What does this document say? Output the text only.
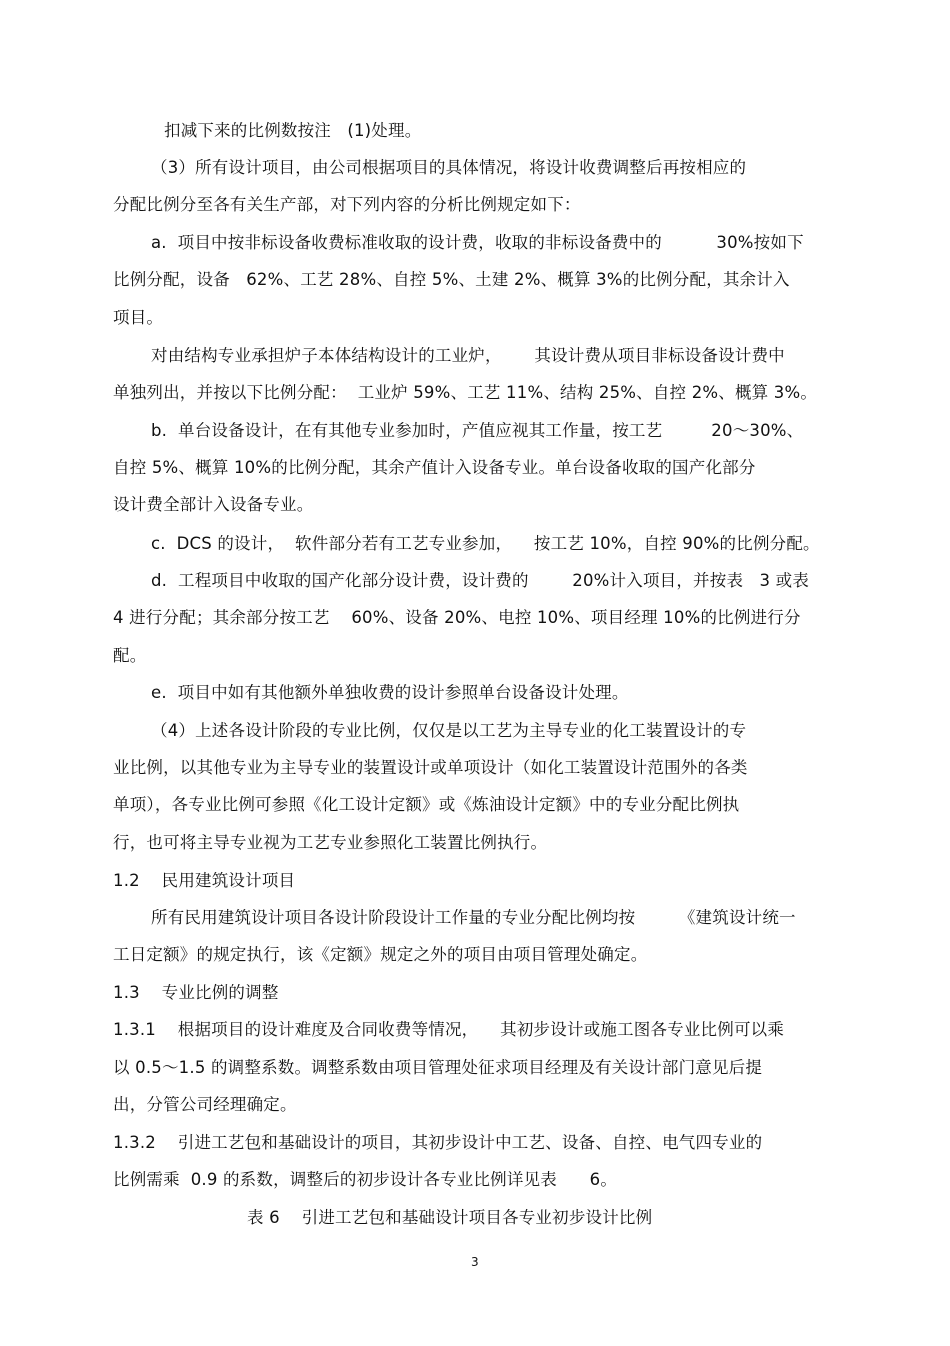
扣减下来的比例数按注   (1)处理。
（3）所有设计项目，由公司根据项目的具体情况，将设计收费调整后再按相应的
分配比例分至各有关生产部，对下列内容的分析比例规定如下：
a.  项目中按非标设备收费标准收取的设计费，收取的非标设备费中的          30%按如下
比例分配，设备   62%、工艺 28%、自控 5%、土建 2%、概算 3%的比例分配，其余计入
项目。
对由结构专业承担炉子本体结构设计的工业炉，      其设计费从项目非标设备设计费中
单独列出，并按以下比例分配：  工业炉 59%、工艺 11%、结构 25%、自控 2%、概算 3%。
b.  单台设备设计，在有其他专业参加时，产值应视其工作量，按工艺         20～30%、
自控 5%、概算 10%的比例分配，其余产值计入设备专业。单台设备收取的国产化部分
设计费全部计入设备专业。
c.  DCS 的设计，  软件部分若有工艺专业参加，    按工艺 10%，自控 90%的比例分配。
d.  工程项目中收取的国产化部分设计费，设计费的        20%计入项目，并按表   3 或表
4 进行分配；其余部分按工艺    60%、设备 20%、电控 10%、项目经理 10%的比例进行分
配。
e.  项目中如有其他额外单独收费的设计参照单台设备设计处理。
（4）上述各设计阶段的专业比例，仅仅是以工艺为主导专业的化工装置设计的专
业比例，以其他专业为主导专业的装置设计或单项设计（如化工装置设计范围外的各类
单项），各专业比例可参照《化工设计定额》或《炼油设计定额》中的专业分配比例执
行，也可将主导专业视为工艺专业参照化工装置比例执行。
1.2    民用建筑设计项目
所有民用建筑设计项目各设计阶段设计工作量的专业分配比例均按        《建筑设计统一
工日定额》的规定执行，该《定额》规定之外的项目由项目管理处确定。
1.3    专业比例的调整
1.3.1    根据项目的设计难度及合同收费等情况，    其初步设计或施工图各专业比例可以乘
以 0.5～1.5 的调整系数。调整系数由项目管理处征求项目经理及有关设计部门意见后提
出，分管公司经理确定。
1.3.2    引进工艺包和基础设计的项目，其初步设计中工艺、设备、自控、电气四专业的
比例需乘  0.9 的系数，调整后的初步设计各专业比例详见表      6。
表 6    引进工艺包和基础设计项目各专业初步设计比例
3
